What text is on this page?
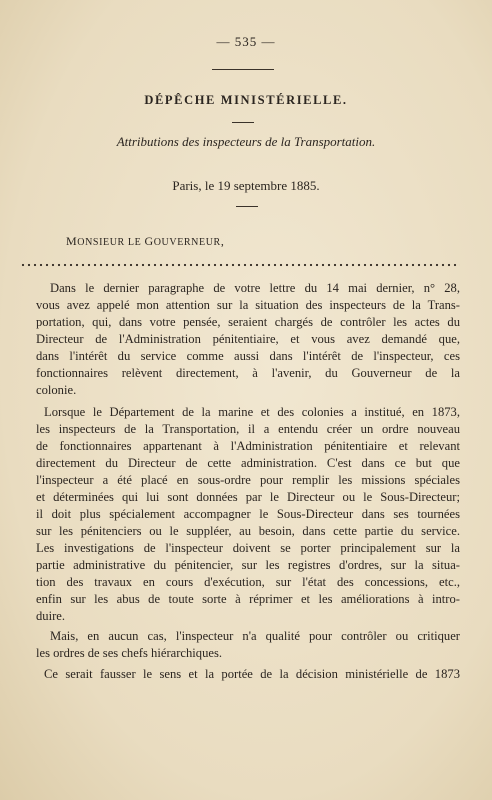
— 535 —
DÉPÊCHE MINISTÉRIELLE.
Attributions des inspecteurs de la Transportation.
Paris, le 19 septembre 1885.
MONSIEUR LE GOUVERNEUR,
Dans le dernier paragraphe de votre lettre du 14 mai dernier, n° 28,
vous avez appelé mon attention sur la situation des inspecteurs de la Trans-
portation, qui, dans votre pensée, seraient chargés de contrôler les actes du
Directeur de l'Administration pénitentiaire, et vous avez demandé que,
dans l'intérêt du service comme aussi dans l'intérêt de l'inspecteur, ces
fonctionnaires relèvent directement, à l'avenir, du Gouverneur de la
colonie.
Lorsque le Département de la marine et des colonies a institué, en 1873,
les inspecteurs de la Transportation, il a entendu créer un ordre nouveau
de fonctionnaires appartenant à l'Administration pénitentiaire et relevant
directement du Directeur de cette administration. C'est dans ce but que
l'inspecteur a été placé en sous-ordre pour remplir les missions spéciales
et déterminées qui lui sont données par le Directeur ou le Sous-Directeur;
il doit plus spécialement accompagner le Sous-Directeur dans ses tournées
sur les pénitenciers ou le suppléer, au besoin, dans cette partie du service.
Les investigations de l'inspecteur doivent se porter principalement sur la
partie administrative du pénitencier, sur les registres d'ordres, sur la situa-
tion des travaux en cours d'exécution, sur l'état des concessions, etc.,
enfin sur les abus de toute sorte à réprimer et les améliorations à intro-
duire.
Mais, en aucun cas, l'inspecteur n'a qualité pour contrôler ou critiquer
les ordres de ses chefs hiérarchiques.
Ce serait fausser le sens et la portée de la décision ministérielle de 1873
